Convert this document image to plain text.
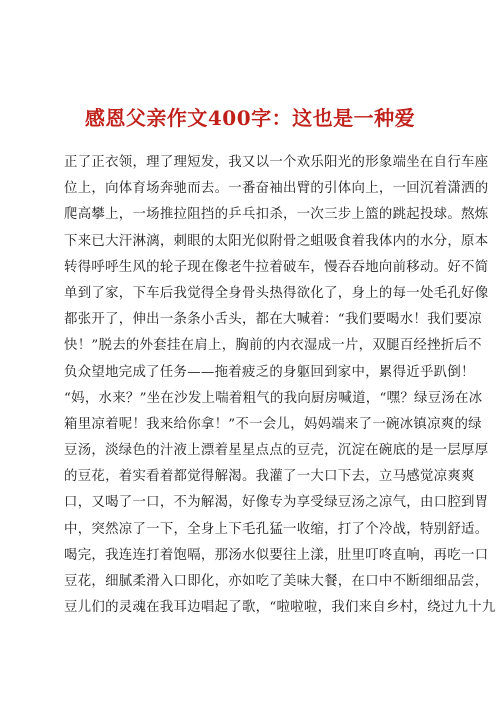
感恩父亲作文400字：这也是一种爱
正了正衣领，理了理短发，我又以一个欢乐阳光的形象端坐在自行车座
位上，向体育场奔驰而去。一番奋袖出臂的引体向上，一回沉着潇洒的
爬高攀上，一场推拉阻挡的乒乓扣杀，一次三步上篮的跳起投球。熬炼
下来已大汗淋漓，刺眼的太阳光似附骨之蛆吸食着我体内的水分，原本
转得呼呼生风的轮子现在像老牛拉着破车，慢吞吞地向前移动。好不简
单到了家，下车后我觉得全身骨头热得欲化了，身上的每一处毛孔好像
都张开了，伸出一条条小舌头，都在大喊着：“我们要喝水！我们要凉
快！”脱去的外套挂在肩上，胸前的内衣湿成一片，双腿百经挫折后不
负众望地完成了任务——拖着疲乏的身躯回到家中，累得近乎趴倒！
“妈，水来？”坐在沙发上喘着粗气的我向厨房喊道，“嘿？绿豆汤在冰
箱里凉着呢！我来给你拿！”不一会儿，妈妈端来了一碗冰镇凉爽的绿
豆汤，淡绿色的汁液上漂着星星点点的豆壳，沉淀在碗底的是一层厚厚
的豆花，着实看着都觉得解渴。我灌了一大口下去，立马感觉凉爽爽
口，又喝了一口，不为解渴，好像专为享受绿豆汤之凉气，由口腔到胃
中，突然凉了一下，全身上下毛孔猛一收缩，打了个冷战，特别舒适。
喝完，我连连打着饱嗝，那汤水似要往上漾，肚里叮咚直响，再吃一口
豆花，细腻柔滑入口即化，亦如吃了美味大餐，在口中不断细细品尝，
豆儿们的灵魂在我耳边唱起了歌，“啦啦啦，我们来自乡村，绕过九十九
